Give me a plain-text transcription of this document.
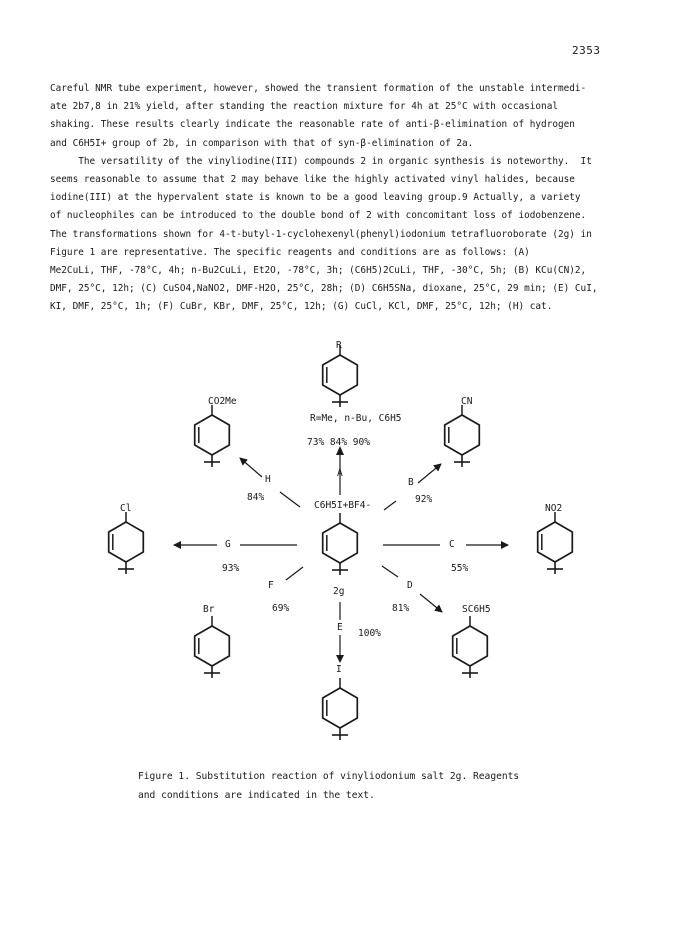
2353
Careful NMR tube experiment, however, showed the transient formation of the unstable intermedi-
ate 2b7,8 in 21% yield, after standing the reaction mixture for 4h at 25°C with occasional
shaking. These results clearly indicate the reasonable rate of anti-β-elimination of hydrogen
and C6H5I+ group of 2b, in comparison with that of syn-β-elimination of 2a.
The versatility of the vinyliodine(III) compounds 2 in organic synthesis is noteworthy.  It
seems reasonable to assume that 2 may behave like the highly activated vinyl halides, because
iodine(III) at the hypervalent state is known to be a good leaving group.9 Actually, a variety
of nucleophiles can be introduced to the double bond of 2 with concomitant loss of iodobenzene.
The transformations shown for 4-t-butyl-1-cyclohexenyl(phenyl)iodonium tetrafluoroborate (2g) in
Figure 1 are representative. The specific reagents and conditions are as follows: (A)
Me2CuLi, THF, -78°C, 4h; n-Bu2CuLi, Et2O, -78°C, 3h; (C6H5)2CuLi, THF, -30°C, 5h; (B) KCu(CN)2,
DMF, 25°C, 12h; (C) CuSO4,NaNO2, DMF-H2O, 25°C, 28h; (D) C6H5SNa, dioxane, 25°C, 29 min; (E) CuI,
KI, DMF, 25°C, 1h; (F) CuBr, KBr, DMF, 25°C, 12h; (G) CuCl, KCl, DMF, 25°C, 12h; (H) cat.
R
CN
NO2
SC6H5
I
Br
Cl
CO2Me
R=Me, n-Bu, C6H5
73% 84% 90%
A
C6H5I+BF4-
2g
B
C
D
E
F
G
H
92%
55%
81%
100%
69%
93%
84%
Figure 1. Substitution reaction of vinyliodonium salt 2g. Reagents
and conditions are indicated in the text.
